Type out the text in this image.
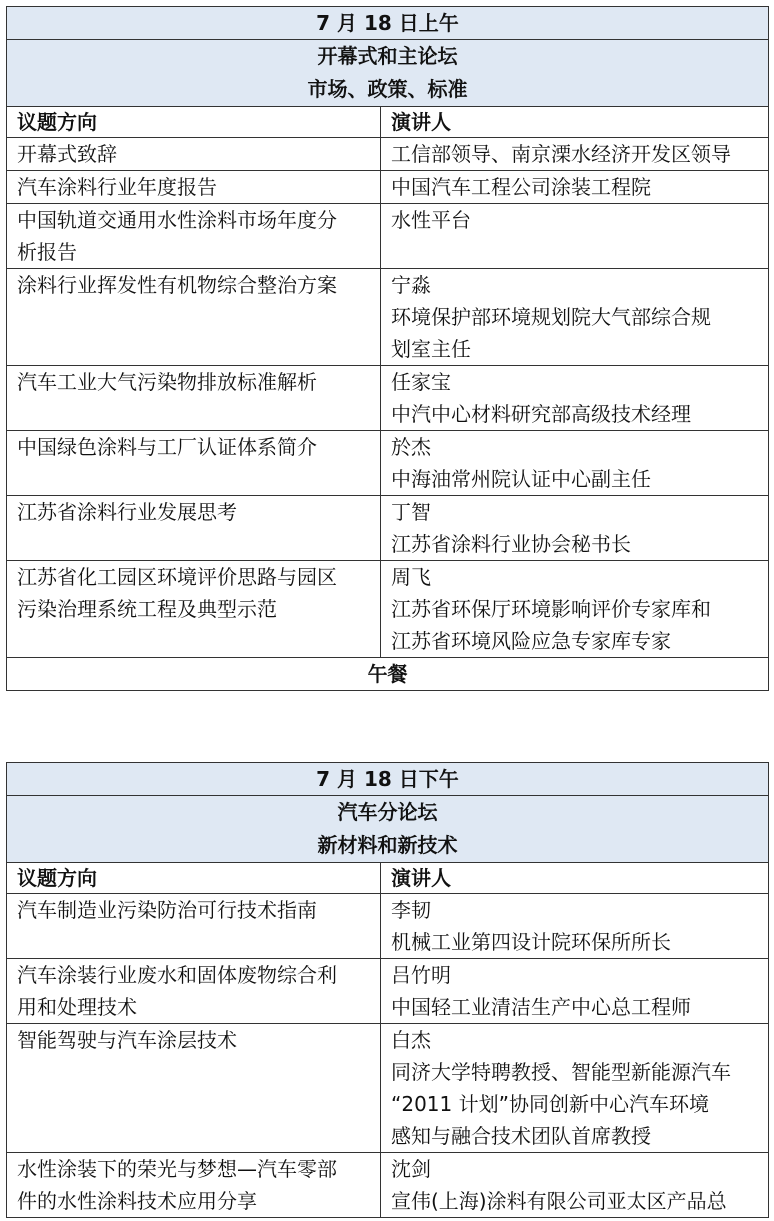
7 月 18 日上午	

开幕式和主论坛
市场、政策、标准	

议题方向	演讲人

开幕式致辞	工信部领导、南京溧水经济开发区领导

汽车涂料行业年度报告	中国汽车工程公司涂装工程院

中国轨道交通用水性涂料市场年度分
析报告	水性平台

涂料行业挥发性有机物综合整治方案	宁淼
环境保护部环境规划院大气部综合规
划室主任

汽车工业大气污染物排放标准解析	任家宝
中汽中心材料研究部高级技术经理

中国绿色涂料与工厂认证体系简介	於杰
中海油常州院认证中心副主任

江苏省涂料行业发展思考	丁智
江苏省涂料行业协会秘书长

江苏省化工园区环境评价思路与园区
污染治理系统工程及典型示范	周飞
江苏省环保厅环境影响评价专家库和
江苏省环境风险应急专家库专家

午餐	
7 月 18 日下午	

汽车分论坛
新材料和新技术	

议题方向	演讲人

汽车制造业污染防治可行技术指南	李韧
机械工业第四设计院环保所所长

汽车涂装行业废水和固体废物综合利
用和处理技术	吕竹明
中国轻工业清洁生产中心总工程师

智能驾驶与汽车涂层技术	白杰
同济大学特聘教授、智能型新能源汽车
“2011 计划”协同创新中心汽车环境
感知与融合技术团队首席教授

水性涂装下的荣光与梦想—汽车零部
件的水性涂料技术应用分享	沈剑
宣伟(上海)涂料有限公司亚太区产品总
